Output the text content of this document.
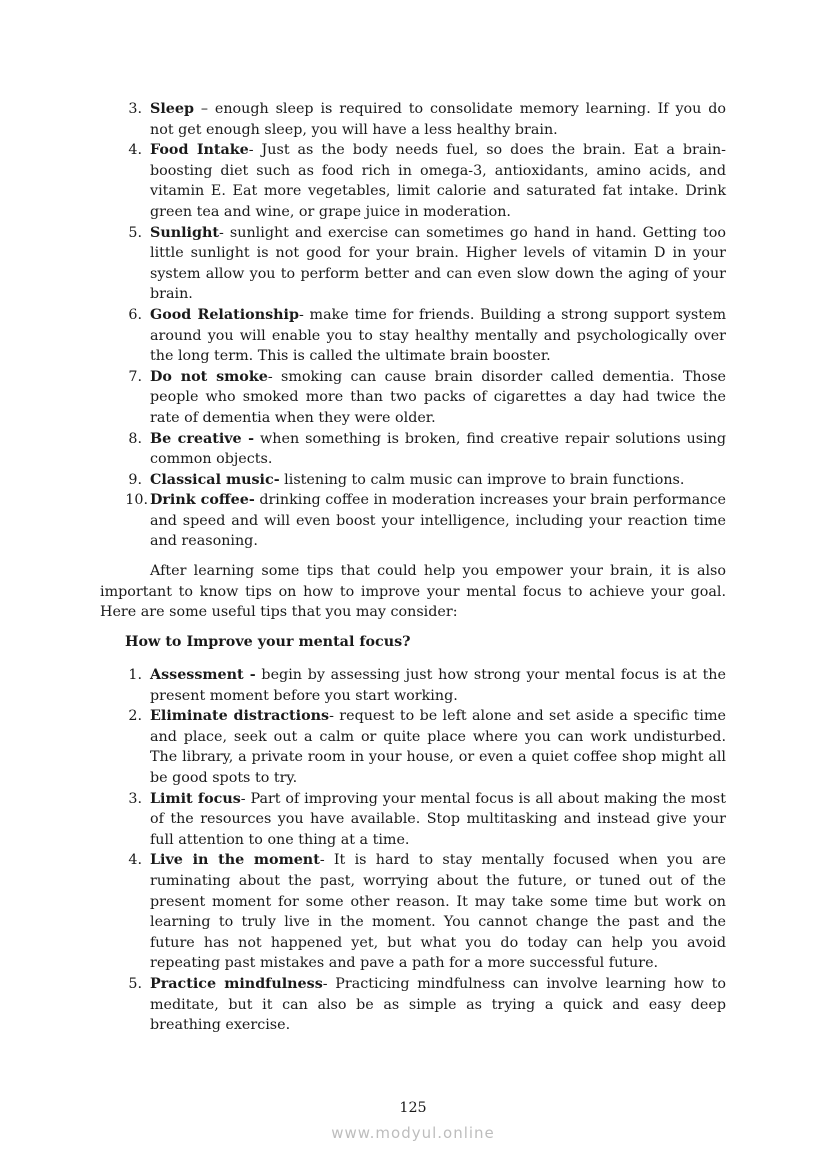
3. Sleep – enough sleep is required to consolidate memory learning. If you do not get enough sleep, you will have a less healthy brain.
4. Food Intake- Just as the body needs fuel, so does the brain. Eat a brain-boosting diet such as food rich in omega-3, antioxidants, amino acids, and vitamin E. Eat more vegetables, limit calorie and saturated fat intake. Drink green tea and wine, or grape juice in moderation.
5. Sunlight- sunlight and exercise can sometimes go hand in hand. Getting too little sunlight is not good for your brain. Higher levels of vitamin D in your system allow you to perform better and can even slow down the aging of your brain.
6. Good Relationship- make time for friends. Building a strong support system around you will enable you to stay healthy mentally and psychologically over the long term. This is called the ultimate brain booster.
7. Do not smoke- smoking can cause brain disorder called dementia. Those people who smoked more than two packs of cigarettes a day had twice the rate of dementia when they were older.
8. Be creative - when something is broken, find creative repair solutions using common objects.
9. Classical music- listening to calm music can improve to brain functions.
10. Drink coffee- drinking coffee in moderation increases your brain performance and speed and will even boost your intelligence, including your reaction time and reasoning.

After learning some tips that could help you empower your brain, it is also important to know tips on how to improve your mental focus to achieve your goal. Here are some useful tips that you may consider:

How to Improve your mental focus?

1. Assessment - begin by assessing just how strong your mental focus is at the present moment before you start working.
2. Eliminate distractions- request to be left alone and set aside a specific time and place, seek out a calm or quite place where you can work undisturbed. The library, a private room in your house, or even a quiet coffee shop might all be good spots to try.
3. Limit focus- Part of improving your mental focus is all about making the most of the resources you have available. Stop multitasking and instead give your full attention to one thing at a time.
4. Live in the moment- It is hard to stay mentally focused when you are ruminating about the past, worrying about the future, or tuned out of the present moment for some other reason. It may take some time but work on learning to truly live in the moment. You cannot change the past and the future has not happened yet, but what you do today can help you avoid repeating past mistakes and pave a path for a more successful future.
5. Practice mindfulness- Practicing mindfulness can involve learning how to meditate, but it can also be as simple as trying a quick and easy deep breathing exercise.
125
www.modyul.online
